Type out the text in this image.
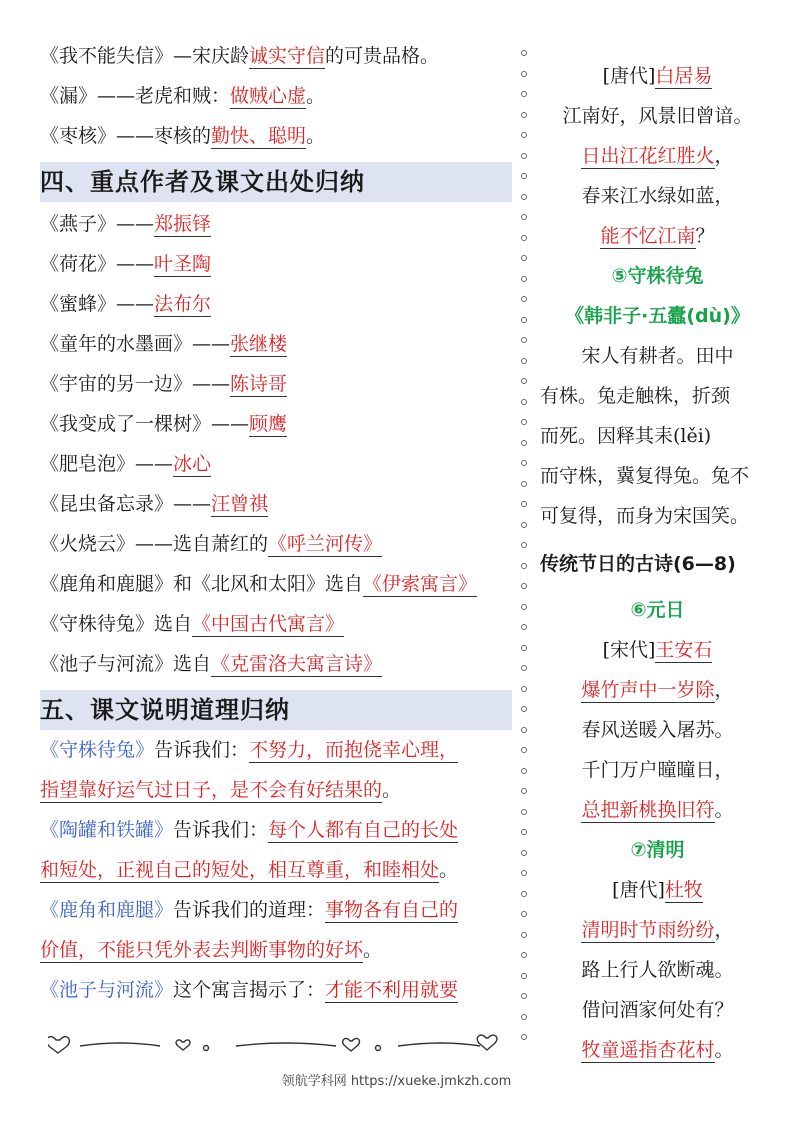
《我不能失信》—宋庆龄诚实守信的可贵品格。
《漏》——老虎和贼：做贼心虚。
《枣核》——枣核的勤快、聪明。
四、重点作者及课文出处归纳
《燕子》——郑振铎
《荷花》——叶圣陶
《蜜蜂》——法布尔
《童年的水墨画》——张继楼
《宇宙的另一边》——陈诗哥
《我变成了一棵树》——顾鹰
《肥皂泡》——冰心
《昆虫备忘录》——汪曾祺
《火烧云》——选自萧红的《呼兰河传》
《鹿角和鹿腿》和《北风和太阳》选自《伊索寓言》
《守株待兔》选自《中国古代寓言》
《池子与河流》选自《克雷洛夫寓言诗》
五、课文说明道理归纳
《守株待兔》告诉我们：不努力，而抱侥幸心理，
指望靠好运气过日子，是不会有好结果的。
《陶罐和铁罐》告诉我们：每个人都有自己的长处
和短处，正视自己的短处，相互尊重，和睦相处。
《鹿角和鹿腿》告诉我们的道理：事物各有自己的
价值，不能只凭外表去判断事物的好坏。
《池子与河流》这个寓言揭示了：才能不利用就要
[唐代]白居易
江南好，风景旧曾谙。
日出江花红胜火，
春来江水绿如蓝，
能不忆江南？
⑤守株待兔
《韩非子·五蠹(dù)》
宋人有耕者。田中
有株。兔走触株，折颈
而死。因释其耒(lěi)
而守株，冀复得兔。兔不
可复得，而身为宋国笑。
传统节日的古诗(6—8)
⑥元日
[宋代]王安石
爆竹声中一岁除，
春风送暖入屠苏。
千门万户曈曈日，
总把新桃换旧符。
⑦清明
[唐代]杜牧
清明时节雨纷纷，
路上行人欲断魂。
借问酒家何处有？
牧童遥指杏花村。
领航学科网 https://xueke.jmkzh.com
